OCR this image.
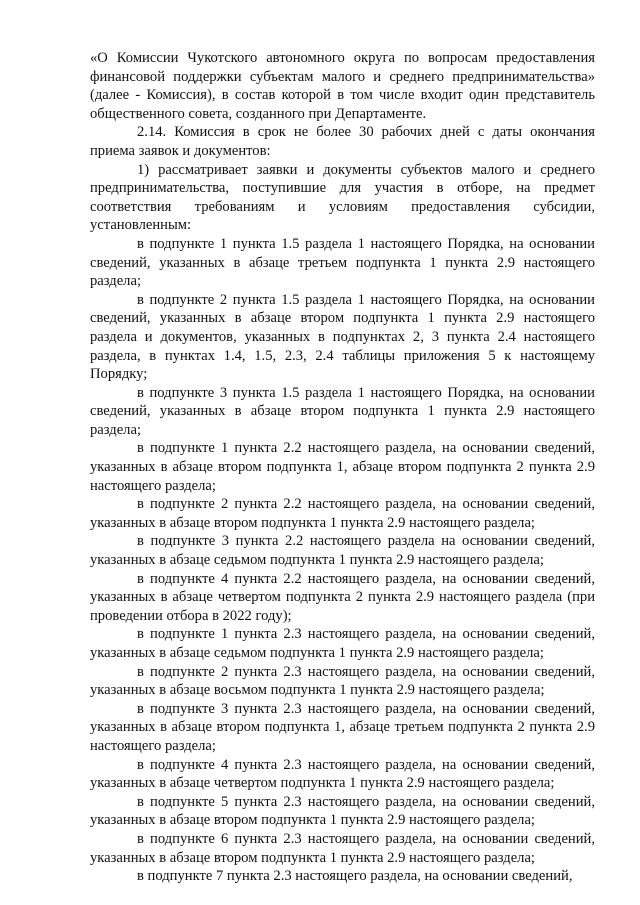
«О Комиссии Чукотского автономного округа по вопросам предоставления финансовой поддержки субъектам малого и среднего предпринимательства» (далее - Комиссия), в состав которой в том числе входит один представитель общественного совета, созданного при Департаменте.

2.14. Комиссия в срок не более 30 рабочих дней с даты окончания приема заявок и документов:

1) рассматривает заявки и документы субъектов малого и среднего предпринимательства, поступившие для участия в отборе, на предмет соответствия требованиям и условиям предоставления субсидии, установленным:

в подпункте 1 пункта 1.5 раздела 1 настоящего Порядка, на основании сведений, указанных в абзаце третьем подпункта 1 пункта 2.9 настоящего раздела;

в подпункте 2 пункта 1.5 раздела 1 настоящего Порядка, на основании сведений, указанных в абзаце втором подпункта 1 пункта 2.9 настоящего раздела и документов, указанных в подпунктах 2, 3 пункта 2.4 настоящего раздела, в пунктах 1.4, 1.5, 2.3, 2.4 таблицы приложения 5 к настоящему Порядку;

в подпункте 3 пункта 1.5 раздела 1 настоящего Порядка, на основании сведений, указанных в абзаце втором подпункта 1 пункта 2.9 настоящего раздела;

в подпункте 1 пункта 2.2 настоящего раздела, на основании сведений, указанных в абзаце втором подпункта 1, абзаце втором подпункта 2 пункта 2.9 настоящего раздела;

в подпункте 2 пункта 2.2 настоящего раздела, на основании сведений, указанных в абзаце втором подпункта 1 пункта 2.9 настоящего раздела;

в подпункте 3 пункта 2.2 настоящего раздела на основании сведений, указанных в абзаце седьмом подпункта 1 пункта 2.9 настоящего раздела;

в подпункте 4 пункта 2.2 настоящего раздела, на основании сведений, указанных в абзаце четвертом подпункта 2 пункта 2.9 настоящего раздела (при проведении отбора в 2022 году);

в подпункте 1 пункта 2.3 настоящего раздела, на основании сведений, указанных в абзаце седьмом подпункта 1 пункта 2.9 настоящего раздела;

в подпункте 2 пункта 2.3 настоящего раздела, на основании сведений, указанных в абзаце восьмом подпункта 1 пункта 2.9 настоящего раздела;

в подпункте 3 пункта 2.3 настоящего раздела, на основании сведений, указанных в абзаце втором подпункта 1, абзаце третьем подпункта 2 пункта 2.9 настоящего раздела;

в подпункте 4 пункта 2.3 настоящего раздела, на основании сведений, указанных в абзаце четвертом подпункта 1 пункта 2.9 настоящего раздела;

в подпункте 5 пункта 2.3 настоящего раздела, на основании сведений, указанных в абзаце втором подпункта 1 пункта 2.9 настоящего раздела;

в подпункте 6 пункта 2.3 настоящего раздела, на основании сведений, указанных в абзаце втором подпункта 1 пункта 2.9 настоящего раздела;

в подпункте 7 пункта 2.3 настоящего раздела, на основании сведений,
